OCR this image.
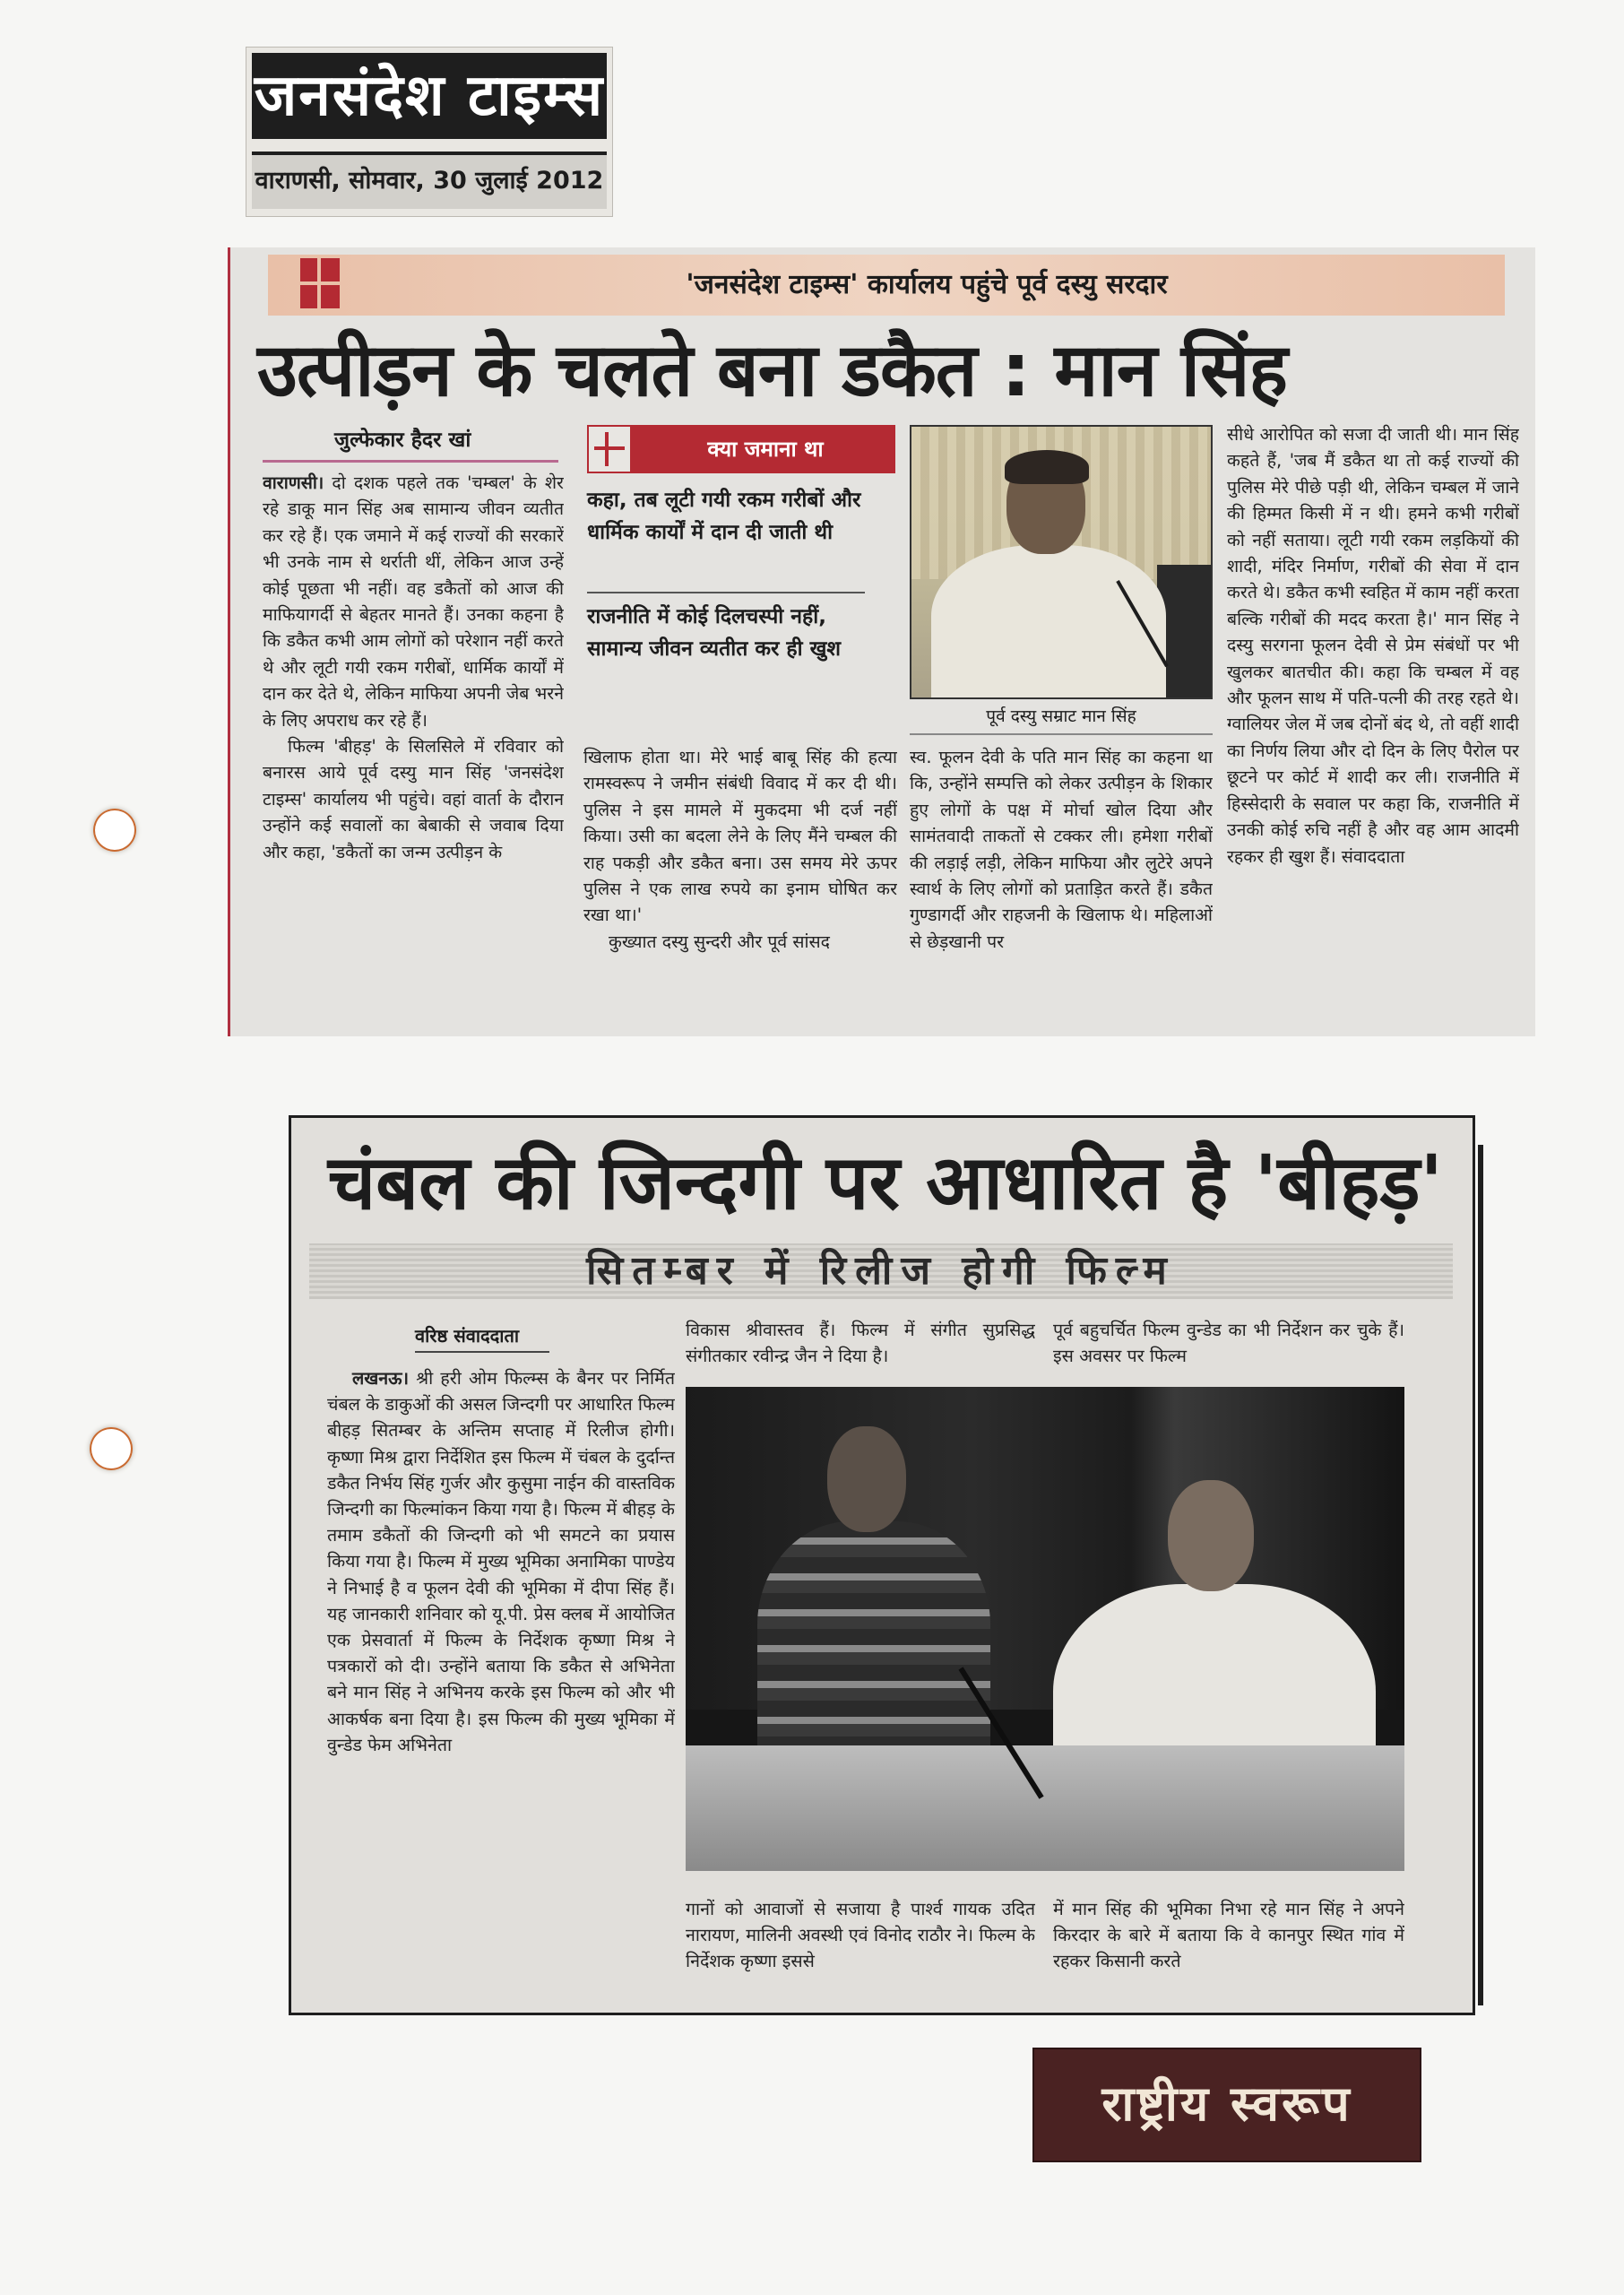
जनसंदेश टाइम्स
वाराणसी, सोमवार, 30 जुलाई 2012
'जनसंदेश टाइम्स' कार्यालय पहुंचे पूर्व दस्यु सरदार
उत्पीड़न के चलते बना डकैत : मान सिंह
जुल्फेकार हैदर खां

वाराणसी। दो दशक पहले तक 'चम्बल' के शेर रहे डाकू मान सिंह अब सामान्य जीवन व्यतीत कर रहे हैं। एक जमाने में कई राज्यों की सरकारें भी उनके नाम से थर्राती थीं, लेकिन आज उन्हें कोई पूछता भी नहीं। वह डकैतों को आज की माफियागर्दी से बेहतर मानते हैं। उनका कहना है कि डकैत कभी आम लोगों को परेशान नहीं करते थे और लूटी गयी रकम गरीबों, धार्मिक कार्यों में दान कर देते थे, लेकिन माफिया अपनी जेब भरने के लिए अपराध कर रहे हैं।

फिल्म 'बीहड़' के सिलसिले में रविवार को बनारस आये पूर्व दस्यु मान सिंह 'जनसंदेश टाइम्स' कार्यालय भी पहुंचे। वहां वार्ता के दौरान उन्होंने कई सवालों का बेबाकी से जवाब दिया और कहा, 'डकैतों का जन्म उत्पीड़न के

क्या जमाना था
कहा, तब लूटी गयी रकम गरीबों और धार्मिक कार्यों में दान दी जाती थी
राजनीति में कोई दिलचस्पी नहीं, सामान्य जीवन व्यतीत कर ही खुश
पूर्व दस्यु सम्राट मान सिंह

खिलाफ होता था। मेरे भाई बाबू सिंह की हत्या रामस्वरूप ने जमीन संबंधी विवाद में कर दी थी। पुलिस ने इस मामले में मुकदमा भी दर्ज नहीं किया। उसी का बदला लेने के लिए मैंने चम्बल की राह पकड़ी और डकैत बना। उस समय मेरे ऊपर पुलिस ने एक लाख रुपये का इनाम घोषित कर रखा था।'

कुख्यात दस्यु सुन्दरी और पूर्व सांसद

स्व. फूलन देवी के पति मान सिंह का कहना था कि, उन्होंने सम्पत्ति को लेकर उत्पीड़न के शिकार हुए लोगों के पक्ष में मोर्चा खोल दिया और सामंतवादी ताकतों से टक्कर ली। हमेशा गरीबों की लड़ाई लड़ी, लेकिन माफिया और लुटेरे अपने स्वार्थ के लिए लोगों को प्रताड़ित करते हैं। डकैत गुण्डागर्दी और राहजनी के खिलाफ थे। महिलाओं से छेड़खानी पर

सीधे आरोपित को सजा दी जाती थी। मान सिंह कहते हैं, 'जब मैं डकैत था तो कई राज्यों की पुलिस मेरे पीछे पड़ी थी, लेकिन चम्बल में जाने की हिम्मत किसी में न थी। हमने कभी गरीबों को नहीं सताया। लूटी गयी रकम लड़कियों की शादी, मंदिर निर्माण, गरीबों की सेवा में दान करते थे। डकैत कभी स्वहित में काम नहीं करता बल्कि गरीबों की मदद करता है।' मान सिंह ने दस्यु सरगना फूलन देवी से प्रेम संबंधों पर भी खुलकर बातचीत की। कहा कि चम्बल में वह और फूलन साथ में पति-पत्नी की तरह रहते थे। ग्वालियर जेल में जब दोनों बंद थे, तो वहीं शादी का निर्णय लिया और दो दिन के लिए पैरोल पर छूटने पर कोर्ट में शादी कर ली। राजनीति में हिस्सेदारी के सवाल पर कहा कि, राजनीति में उनकी कोई रुचि नहीं है और वह आम आदमी रहकर ही खुश हैं। संवाददाता

चंबल की जिन्दगी पर आधारित है 'बीहड़'
सितम्बर में रिलीज होगी फिल्म
वरिष्ठ संवाददाता

लखनऊ। श्री हरी ओम फिल्म्स के बैनर पर निर्मित चंबल के डाकुओं की असल जिन्दगी पर आधारित फिल्म बीहड़ सितम्बर के अन्तिम सप्ताह में रिलीज होगी। कृष्णा मिश्र द्वारा निर्देशित इस फिल्म में चंबल के दुर्दान्त डकैत निर्भय सिंह गुर्जर और कुसुमा नाईन की वास्तविक जिन्दगी का फिल्मांकन किया गया है। फिल्म में बीहड़ के तमाम डकैतों की जिन्दगी को भी समटने का प्रयास किया गया है। फिल्म में मुख्य भूमिका अनामिका पाण्डेय ने निभाई है व फूलन देवी की भूमिका में दीपा सिंह हैं। यह जानकारी शनिवार को यू.पी. प्रेस क्लब में आयोजित एक प्रेसवार्ता में फिल्म के निर्देशक कृष्णा मिश्र ने पत्रकारों को दी। उन्होंने बताया कि डकैत से अभिनेता बने मान सिंह ने अभिनय करके इस फिल्म को और भी आकर्षक बना दिया है। इस फिल्म की मुख्य भूमिका में वुन्डेड फेम अभिनेता

विकास श्रीवास्तव हैं। फिल्म में संगीत सुप्रसिद्ध संगीतकार रवीन्द्र जैन ने दिया है।

पूर्व बहुचर्चित फिल्म वुन्डेड का भी निर्देशन कर चुके हैं। इस अवसर पर फिल्म

गानों को आवाजों से सजाया है पार्श्व गायक उदित नारायण, मालिनी अवस्थी एवं विनोद राठौर ने। फिल्म के निर्देशक कृष्णा इससे

में मान सिंह की भूमिका निभा रहे मान सिंह ने अपने किरदार के बारे में बताया कि वे कानपुर स्थित गांव में रहकर किसानी करते

राष्ट्रीय स्वरूप
